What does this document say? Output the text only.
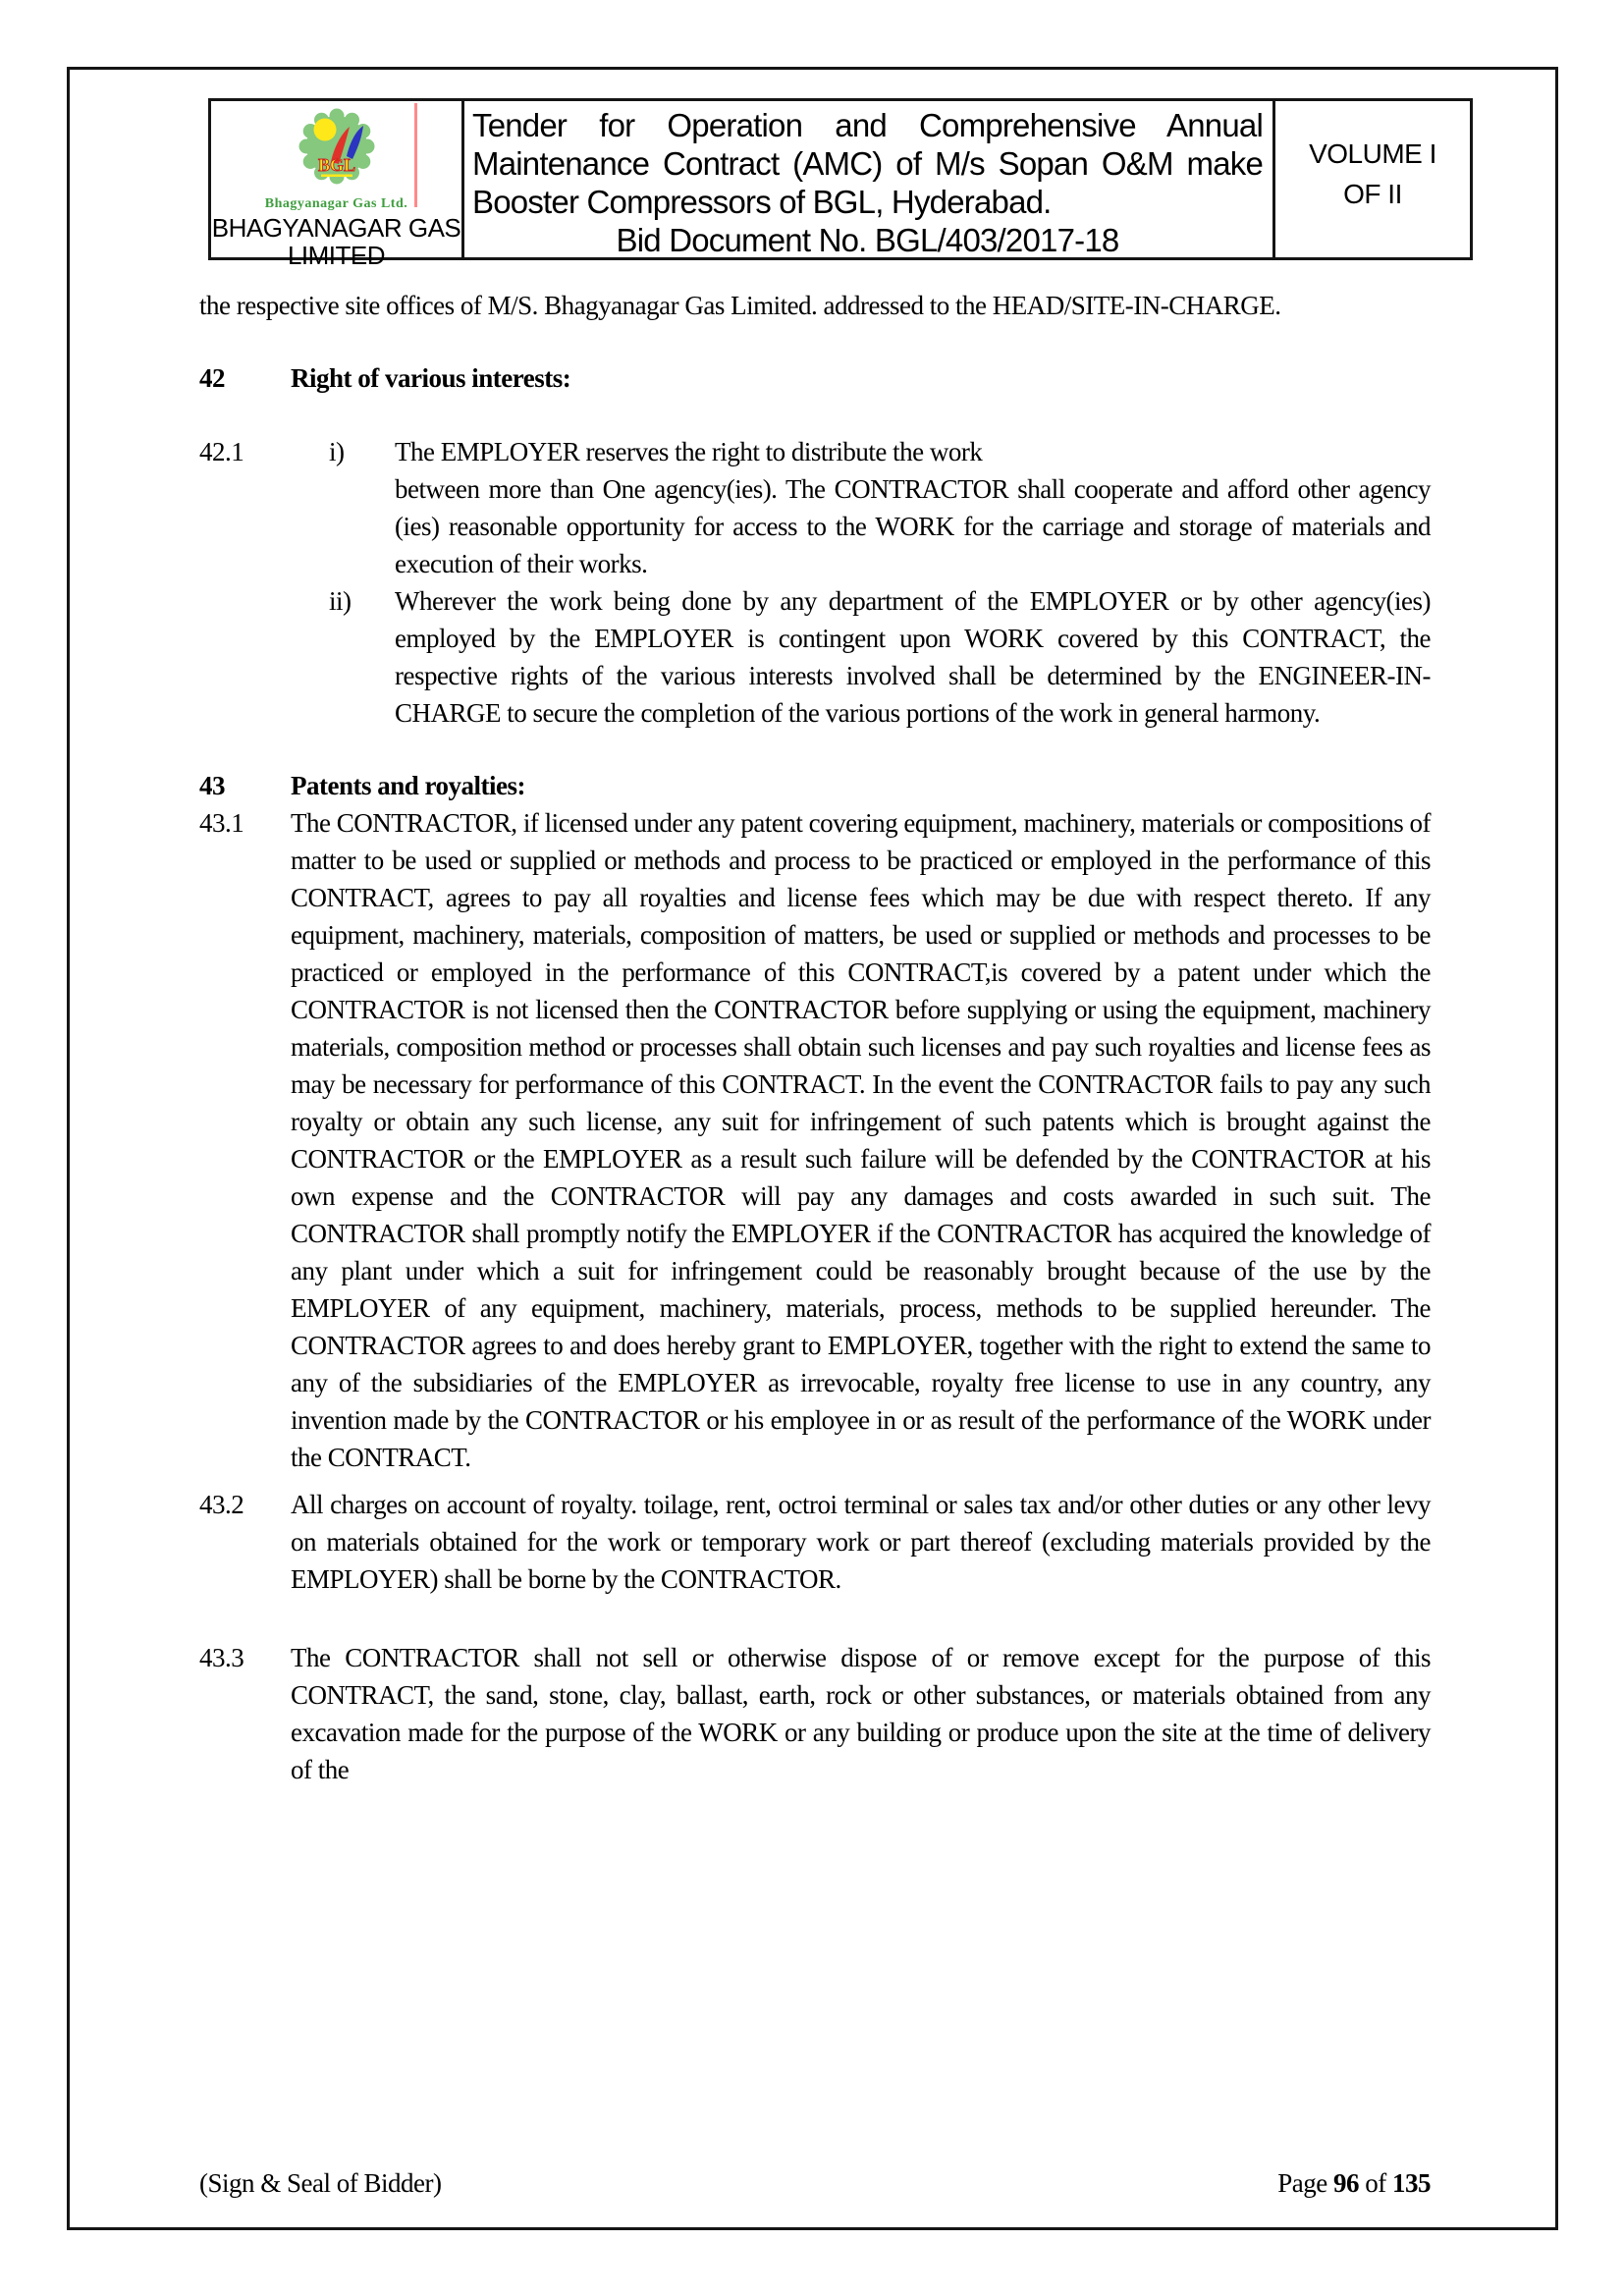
BGL
Bhagyanagar Gas Ltd.
BHAGYANAGAR GAS
LIMITED
Tender for Operation and Comprehensive Annual Maintenance Contract (AMC) of M/s Sopan O&M make Booster Compressors of BGL, Hyderabad.
Bid Document No. BGL/403/2017-18
VOLUME I
OF II

the respective site offices of M/S. Bhagyanagar Gas Limited. addressed to the HEAD/SITE-IN-CHARGE.

42	Right of various interests:
42.1	i)	The EMPLOYER reserves the right to distribute the work
between more than One agency(ies). The CONTRACTOR shall cooperate and afford other agency (ies) reasonable opportunity for access to the WORK for the carriage and storage of materials and execution of their works.

ii)	Wherever the work being done by any department of the EMPLOYER or by other agency(ies) employed by the EMPLOYER is contingent upon WORK covered by this CONTRACT, the respective rights of the various interests involved shall be determined by the ENGINEER-IN-CHARGE to secure the completion of the various portions of the work in general harmony.

43	Patents and royalties:
43.1	The CONTRACTOR, if licensed under any patent covering equipment, machinery, materials or compositions of matter to be used or supplied or methods and process to be practiced or employed in the performance of this CONTRACT, agrees to pay all royalties and license fees which may be due with respect thereto. If any equipment, machinery, materials, composition of matters, be used or supplied or methods and processes to be practiced or employed in the performance of this CONTRACT,is covered by a patent under which the CONTRACTOR is not licensed then the CONTRACTOR before supplying or using the equipment, machinery materials, composition method or processes shall obtain such licenses and pay such royalties and license fees as may be necessary for performance of this CONTRACT. In the event the CONTRACTOR fails to pay any such royalty or obtain any such license, any suit for infringement of such patents which is brought against the CONTRACTOR or the EMPLOYER as a result such failure will be defended by the CONTRACTOR at his own expense and the CONTRACTOR will pay any damages and costs awarded in such suit. The CONTRACTOR shall promptly notify the EMPLOYER if the CONTRACTOR has acquired the knowledge of any plant under which a suit for infringement could be reasonably brought because of the use by the EMPLOYER of any equipment, machinery, materials, process, methods to be supplied hereunder. The CONTRACTOR agrees to and does hereby grant to EMPLOYER, together with the right to extend the same to any of the subsidiaries of the EMPLOYER as irrevocable, royalty free license to use in any country, any invention made by the CONTRACTOR or his employee in or as result of the performance of the WORK under the CONTRACT.

43.2	All charges on account of royalty. toilage, rent, octroi terminal or sales tax and/or other duties or any other levy on materials obtained for the work or temporary work or part thereof (excluding materials provided by the EMPLOYER) shall be borne by the CONTRACTOR.

43.3	The CONTRACTOR shall not sell or otherwise dispose of or remove except for the purpose of this CONTRACT, the sand, stone, clay, ballast, earth, rock or other substances, or materials obtained from any excavation made for the purpose of the WORK or any building or produce upon the site at the time of delivery of the

(Sign & Seal of Bidder)	Page 96 of 135
